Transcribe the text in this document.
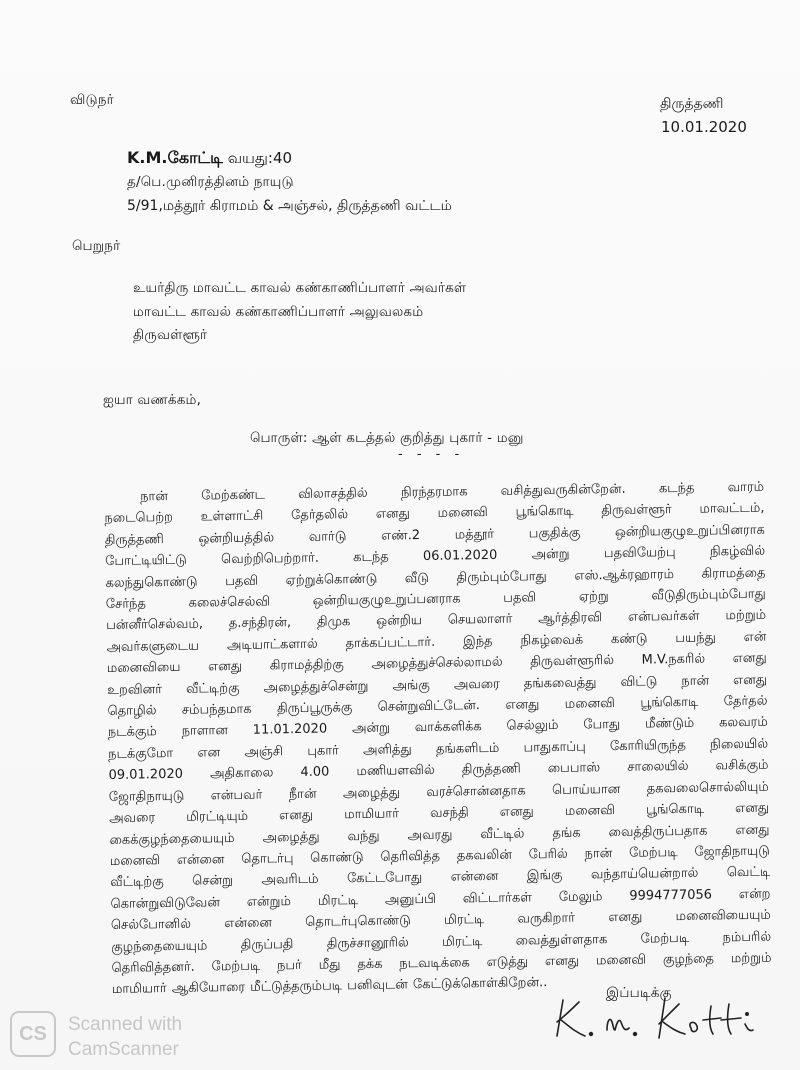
விடுநர்	திருத்தணி
10.01.2020
K.M.கோட்டி வயது:40
த/பெ.முனிரத்தினம் நாயுடு
5/91,மத்தூர் கிராமம் & அஞ்சல், திருத்தணி வட்டம்
பெறுநர்
உயர்திரு மாவட்ட காவல் கண்காணிப்பாளர் அவர்கள்
மாவட்ட காவல் கண்காணிப்பாளர் அலுவலகம்
திருவள்ளூர்
ஐயா வணக்கம்,
பொருள்: ஆள் கடத்தல் குறித்து புகார் - மனு
- - - -
நான் மேற்கண்ட விலாசத்தில் நிரந்தரமாக வசித்துவருகின்றேன். கடந்த வாரம்
நடைபெற்ற உள்ளாட்சி தேர்தலில் எனது மனைவி பூங்கொடி திருவள்ளூர் மாவட்டம்,
திருத்தணி ஒன்றியத்தில் வார்டு எண்.2 மத்தூர் பகுதிக்கு ஒன்றியகுழுஉறுப்பினராக
போட்டியிட்டு வெற்றிபெற்றார். கடந்த 06.01.2020 அன்று பதவியேற்பு நிகழ்வில்
கலந்துகொண்டு பதவி ஏற்றுக்கொண்டு வீடு திரும்பும்போது எஸ்.ஆக்ரஹாரம் கிராமத்தை
சேர்ந்த கலைச்செல்வி ஒன்றியகுழுஉறுப்பனராக பதவி ஏற்று வீடுதிரும்பும்போது
பன்னீர்செல்வம், த.சந்திரன், திமுக ஒன்றிய செயலாளர் ஆர்த்திரவி என்பவர்கள் மற்றும்
அவர்களுடைய அடியாட்களால் தாக்கப்பட்டார். இந்த நிகழ்வைக் கண்டு பயந்து என்
மனைவியை எனது கிராமத்திற்கு அழைத்துச்செல்லாமல் திருவள்ளூரில் M.V.நகரில் எனது
உறவினர் வீட்டிற்கு அழைத்துச்சென்று அங்கு அவரை தங்கவைத்து விட்டு நான் எனது
தொழில் சம்பந்தமாக திருப்பூருக்கு சென்றுவிட்டேன். எனது மனைவி பூங்கொடி தேர்தல்
நடக்கும் நாளான 11.01.2020 அன்று வாக்களிக்க செல்லும் போது மீண்டும் கலவரம்
நடக்குமோ என அஞ்சி புகார் அளித்து தங்களிடம் பாதுகாப்பு கோரியிருந்த நிலையில்
09.01.2020 அதிகாலை 4.00 மணியளவில் திருத்தணி பைபாஸ் சாலையில் வசிக்கும்
ஜோதிநாயுடு என்பவர் நீான் அழைத்து வரச்சொன்னதாக பொய்யான தகவலைசொல்லியும்
அவரை மிரட்டியும் எனது மாமியார் வசந்தி எனது மனைவி பூங்கொடி எனது
கைக்குழந்தையையும் அழைத்து வந்து அவரது வீட்டில் தங்க வைத்திருப்பதாக எனது
மனைவி என்னை தொடர்பு கொண்டு தெரிவித்த தகவலின் பேரில் நான் மேற்படி ஜோதிநாயுடு
வீட்டிற்கு சென்று அவரிடம் கேட்டபோது என்னை இங்கு வந்தாய்யென்றால் வெட்டி
கொன்றுவிடுவேன் என்றும் மிரட்டி அனுப்பி விட்டார்கள் மேலும் 9994777056 என்ற
செல்போனில் என்னை தொடர்புகொண்டு மிரட்டி வருகிறார் எனது மனைவியையும்
குழந்தையையும் திருப்பதி திருச்சானூரில் மிரட்டி வைத்துள்ளதாக மேற்படி நம்பரில்
தெரிவித்தனர். மேற்படி நபர் மீது தக்க நடவடிக்கை எடுத்து எனது மனைவி குழந்தை மற்றும்
மாமியார் ஆகியோரை மீட்டுத்தரும்படி பனிவுடன் கேட்டுக்கொள்கிறேன்..	இப்படிக்கு
CS	Scanned with
CamScanner
